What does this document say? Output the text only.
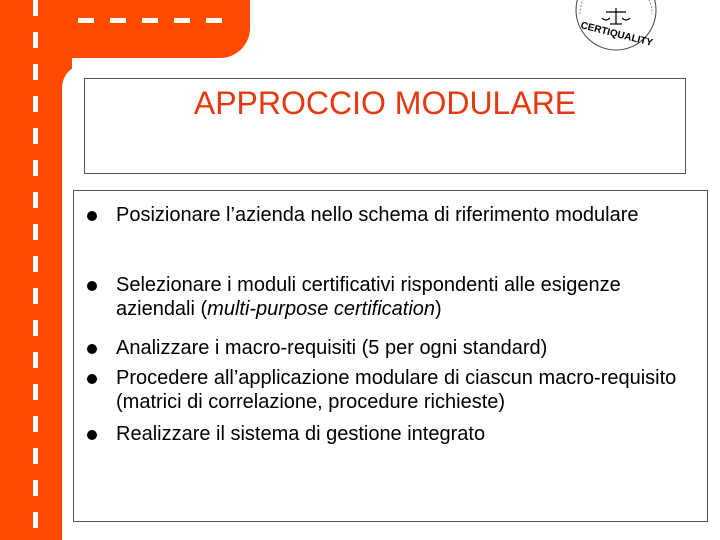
CERTIQUALITY
APPROCCIO MODULARE
Posizionare l’azienda nello schema di riferimento modulare
Selezionare i moduli certificativi rispondenti alle esigenze aziendali (multi-purpose certification)
Analizzare i macro-requisiti (5 per ogni standard)
Procedere all’applicazione modulare di ciascun macro-requisito (matrici di correlazione, procedure richieste)
Realizzare il sistema di gestione integrato
